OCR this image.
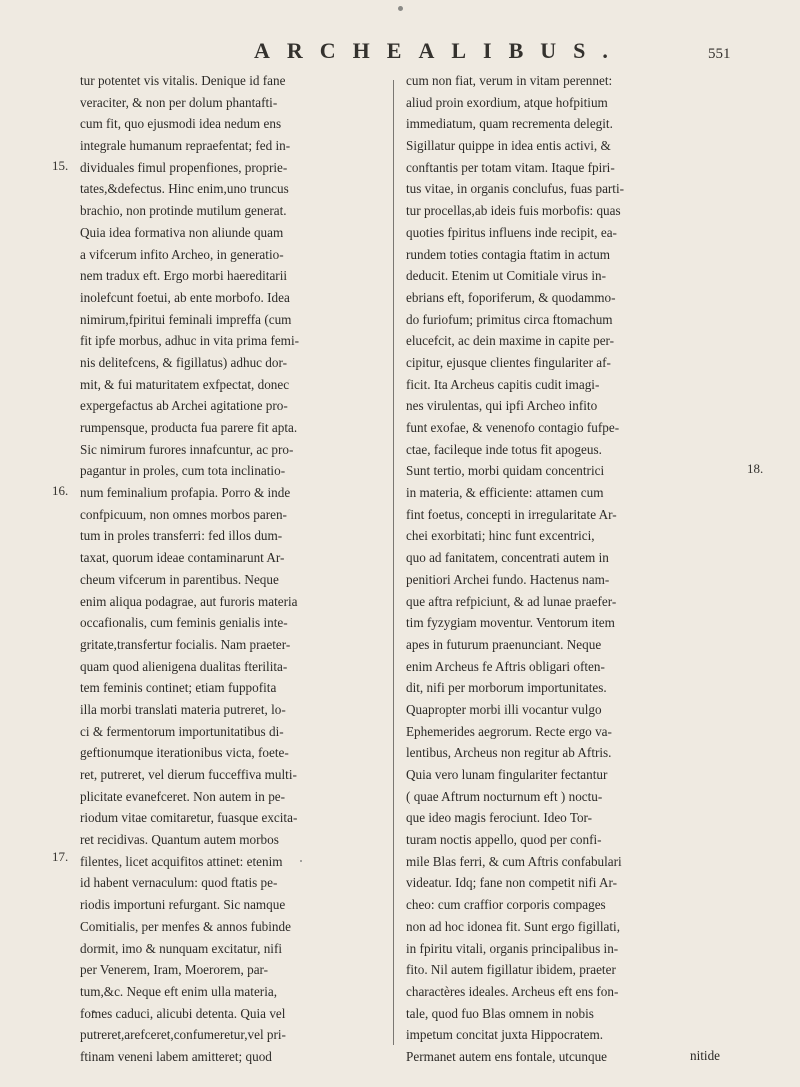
ARCHEALIBUS.	551
tur potentet vis vitalis. Denique id fane
veraciter, & non per dolum phantafti-
cum fit, quo ejusmodi idea nedum ens
integrale humanum repraefentat; fed in-
dividuales fimul propenfiones, proprie-
tates,&defectus. Hinc enim,uno truncus
brachio, non protinde mutilum generat.
Quia idea formativa non aliunde quam
a vifcerum infito Archeo, in generatio-
nem tradux eft. Ergo morbi haereditarii
inolefcunt foetui, ab ente morbofo. Idea
nimirum,fpiritui feminali impreffa (cum
fit ipfe morbus, adhuc in vita prima femi-
nis delitefcens, & figillatus) adhuc dor-
mit, & fui maturitatem exfpectat, donec
expergefactus ab Archei agitatione pro-
rumpensque, producta fua parere fit apta.
Sic nimirum furores innafcuntur, ac pro-
pagantur in proles, cum tota inclinatio-
num feminalium profapia. Porro & inde
confpicuum, non omnes morbos paren-
tum in proles transferri: fed illos dum-
taxat, quorum ideae contaminarunt Ar-
cheum vifcerum in parentibus. Neque
enim aliqua podagrae, aut furoris materia
occafionalis, cum feminis genialis inte-
gritate,transfertur focialis. Nam praeter-
quam quod alienigena dualitas fterilita-
tem feminis continet; etiam fuppofita
illa morbi translati materia putreret, lo-
ci & fermentorum importunitatibus di-
geftionumque iterationibus victa, foete-
ret, putreret, vel dierum fucceffiva multi-
plicitate evanefceret. Non autem in pe-
riodum vitae comitaretur, fuasque excita-
ret recidivas. Quantum autem morbos
filentes, licet acquifitos attinet: etenim
id habent vernaculum: quod ftatis pe-
riodis importuni refurgant. Sic namque
Comitialis, per menfes & annos fubinde
dormit, imo & nunquam excitatur, nifi
per Venerem, Iram, Moerorem, par-
tum,&c. Neque eft enim ulla materia,
fomes caduci, alicubi detenta. Quia vel
putreret,arefceret,confumeretur,vel pri-
ftinam veneni labem amitteret; quod
cum non fiat, verum in vitam perennet:
aliud proin exordium, atque hofpitium
immediatum, quam recrementa delegit.
Sigillatur quippe in idea entis activi, &
conftantis per totam vitam. Itaque fpiri-
tus vitae, in organis conclufus, fuas parti-
tur procellas,ab ideis fuis morbofis: quas
quoties fpiritus influens inde recipit, ea-
rundem toties contagia ftatim in actum
deducit. Etenim ut Comitiale virus in-
ebrians eft, foporiferum, & quodammo-
do furiofum; primitus circa ftomachum
elucefcit, ac dein maxime in capite per-
cipitur, ejusque clientes fingulariter af-
ficit. Ita Archeus capitis cudit imagi-
nes virulentas, qui ipfi Archeo infito
funt exofae, & venenofo contagio fufpe-
ctae, facileque inde totus fit apogeus.
Sunt tertio, morbi quidam concentrici
in materia, & efficiente: attamen cum
fint foetus, concepti in irregularitate Ar-
chei exorbitati; hinc funt excentrici,
quo ad fanitatem, concentrati autem in
penitiori Archei fundo. Hactenus nam-
que aftra refpiciunt, & ad lunae praefer-
tim fyzygiam moventur. Ventorum item
apes in futurum praenunciant. Neque
enim Archeus fe Aftris obligari often-
dit, nifi per morborum importunitates.
Quapropter morbi illi vocantur vulgo
Ephemerides aegrorum. Recte ergo va-
lentibus, Archeus non regitur ab Aftris.
Quia vero lunam fingulariter fectantur
( quae Aftrum nocturnum eft ) noctu-
que ideo magis ferociunt. Ideo Tor-
turam noctis appello, quod per confi-
mile Blas ferri, & cum Aftris confabulari
videatur. Idq; fane non competit nifi Ar-
cheo: cum craffior corporis compages
non ad hoc idonea fit. Sunt ergo figillati,
in fpiritu vitali, organis principalibus in-
fito. Nil autem figillatur ibidem, praeter
charactères ideales. Archeus eft ens fon-
tale, quod fuo Blas omnem in nobis
impetum concitat juxta Hippocratem.
Permanet autem ens fontale, utcunque
15.
16.
17.
18.
nitide
